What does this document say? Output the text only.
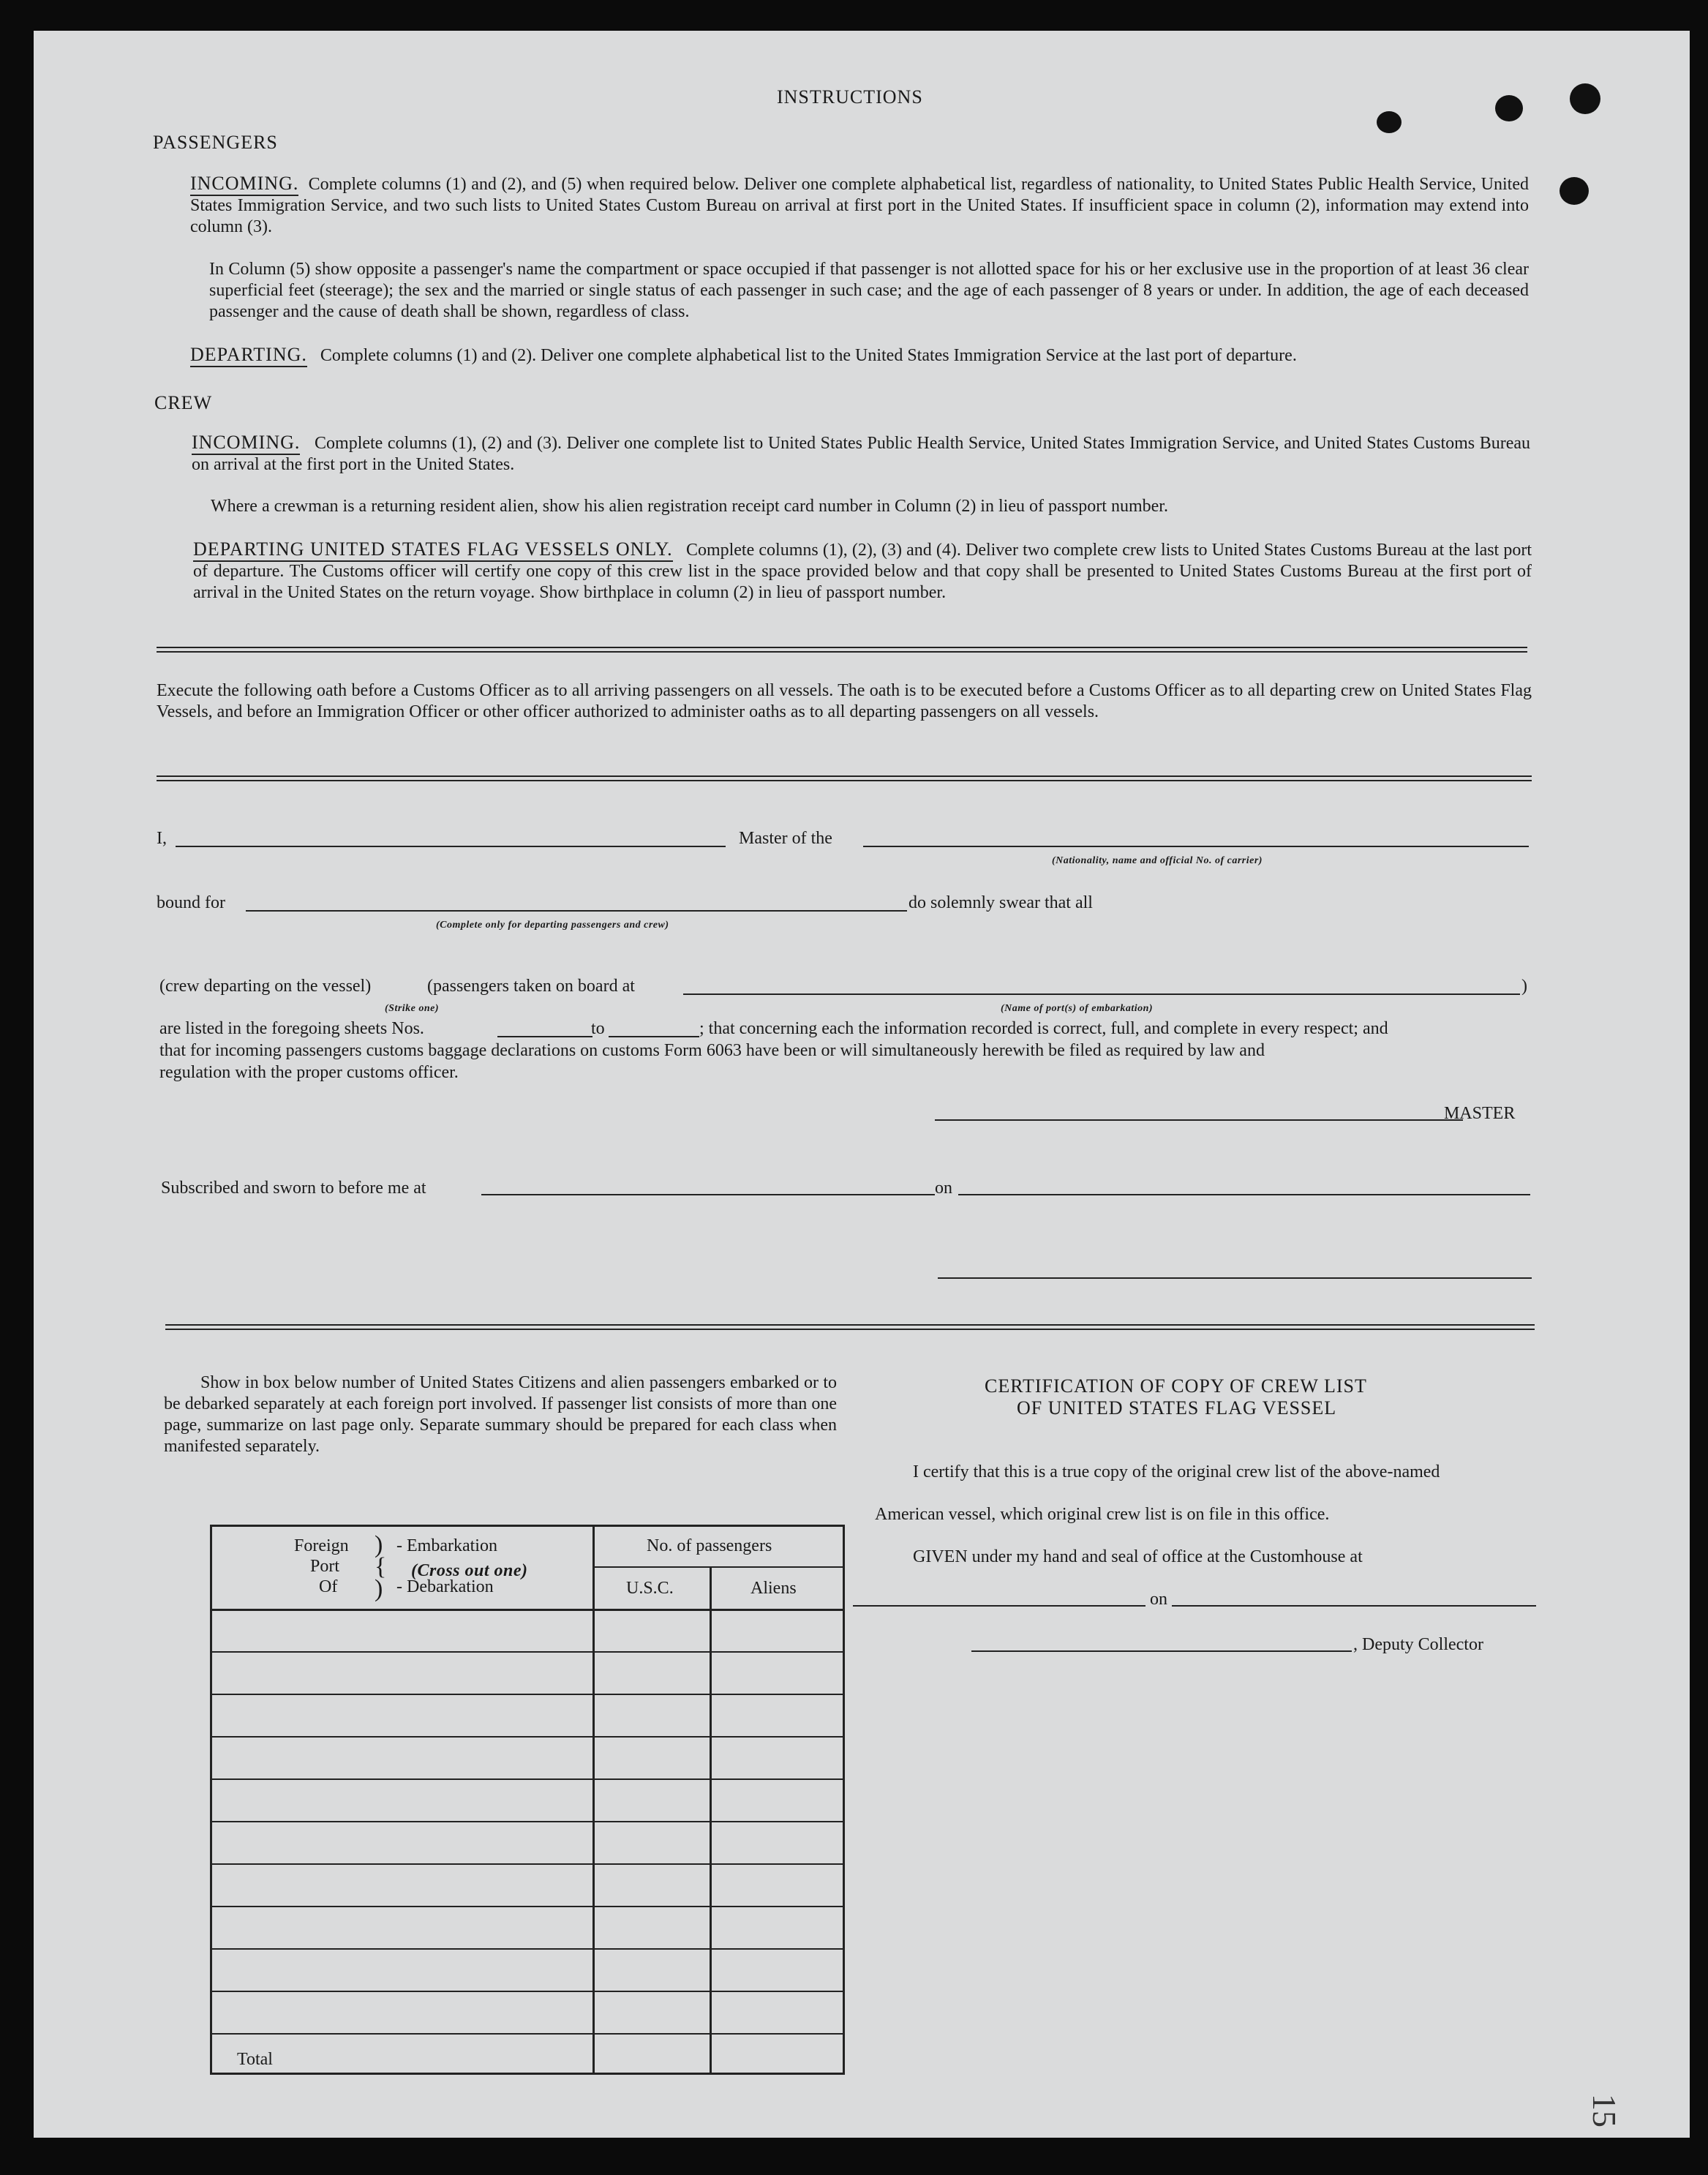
INSTRUCTIONS
PASSENGERS
INCOMING. Complete columns (1) and (2), and (5) when required below. Deliver one complete alphabetical list, regardless of nationality, to United States Public Health Service, United States Immigration Service, and two such lists to United States Custom Bureau on arrival at first port in the United States. If insufficient space in column (2), information may extend into column (3).
In Column (5) show opposite a passenger's name the compartment or space occupied if that passenger is not allotted space for his or her exclusive use in the proportion of at least 36 clear superficial feet (steerage); the sex and the married or single status of each passenger in such case; and the age of each passenger of 8 years or under. In addition, the age of each deceased passenger and the cause of death shall be shown, regardless of class.
DEPARTING. Complete columns (1) and (2). Deliver one complete alphabetical list to the United States Immigration Service at the last port of departure.
CREW
INCOMING. Complete columns (1), (2) and (3). Deliver one complete list to United States Public Health Service, United States Immigration Service, and United States Customs Bureau on arrival at the first port in the United States.
Where a crewman is a returning resident alien, show his alien registration receipt card number in Column (2) in lieu of passport number.
DEPARTING UNITED STATES FLAG VESSELS ONLY. Complete columns (1), (2), (3) and (4). Deliver two complete crew lists to United States Customs Bureau at the last port of departure. The Customs officer will certify one copy of this crew list in the space provided below and that copy shall be presented to United States Customs Bureau at the first port of arrival in the United States on the return voyage. Show birthplace in column (2) in lieu of passport number.
Execute the following oath before a Customs Officer as to all arriving passengers on all vessels. The oath is to be executed before a Customs Officer as to all departing crew on United States Flag Vessels, and before an Immigration Officer or other officer authorized to administer oaths as to all departing passengers on all vessels.
I,	Master of the
(Nationality, name and official No. of carrier)
bound for	do solemnly swear that all
(Complete only for departing passengers and crew)
(crew departing on the vessel)
(Strike one)
(passengers taken on board at	)
(Name of port(s) of embarkation)
are listed in the foregoing sheets Nos.	to	; that concerning each the information recorded is correct, full, and complete in every respect; and
that for incoming passengers customs baggage declarations on customs Form 6063 have been or will simultaneously herewith be filed as required by law and
regulation with the proper customs officer.
MASTER
Subscribed and sworn to before me at	on
Show in box below number of United States Citizens and alien passengers embarked or to be debarked separately at each foreign port involved. If passenger list consists of more than one page, summarize on last page only. Separate summary should be prepared for each class when manifested separately.
Foreign
Port
Of
)
{
)
- Embarkation
(Cross out one)
- Debarkation
No. of passengers
U.S.C.	Aliens
Total
CERTIFICATION OF COPY OF CREW LIST
OF UNITED STATES FLAG VESSEL
I certify that this is a true copy of the original crew list of the above-named
American vessel, which original crew list is on file in this office.
GIVEN under my hand and seal of office at the Customhouse at
on
, Deputy Collector
15
